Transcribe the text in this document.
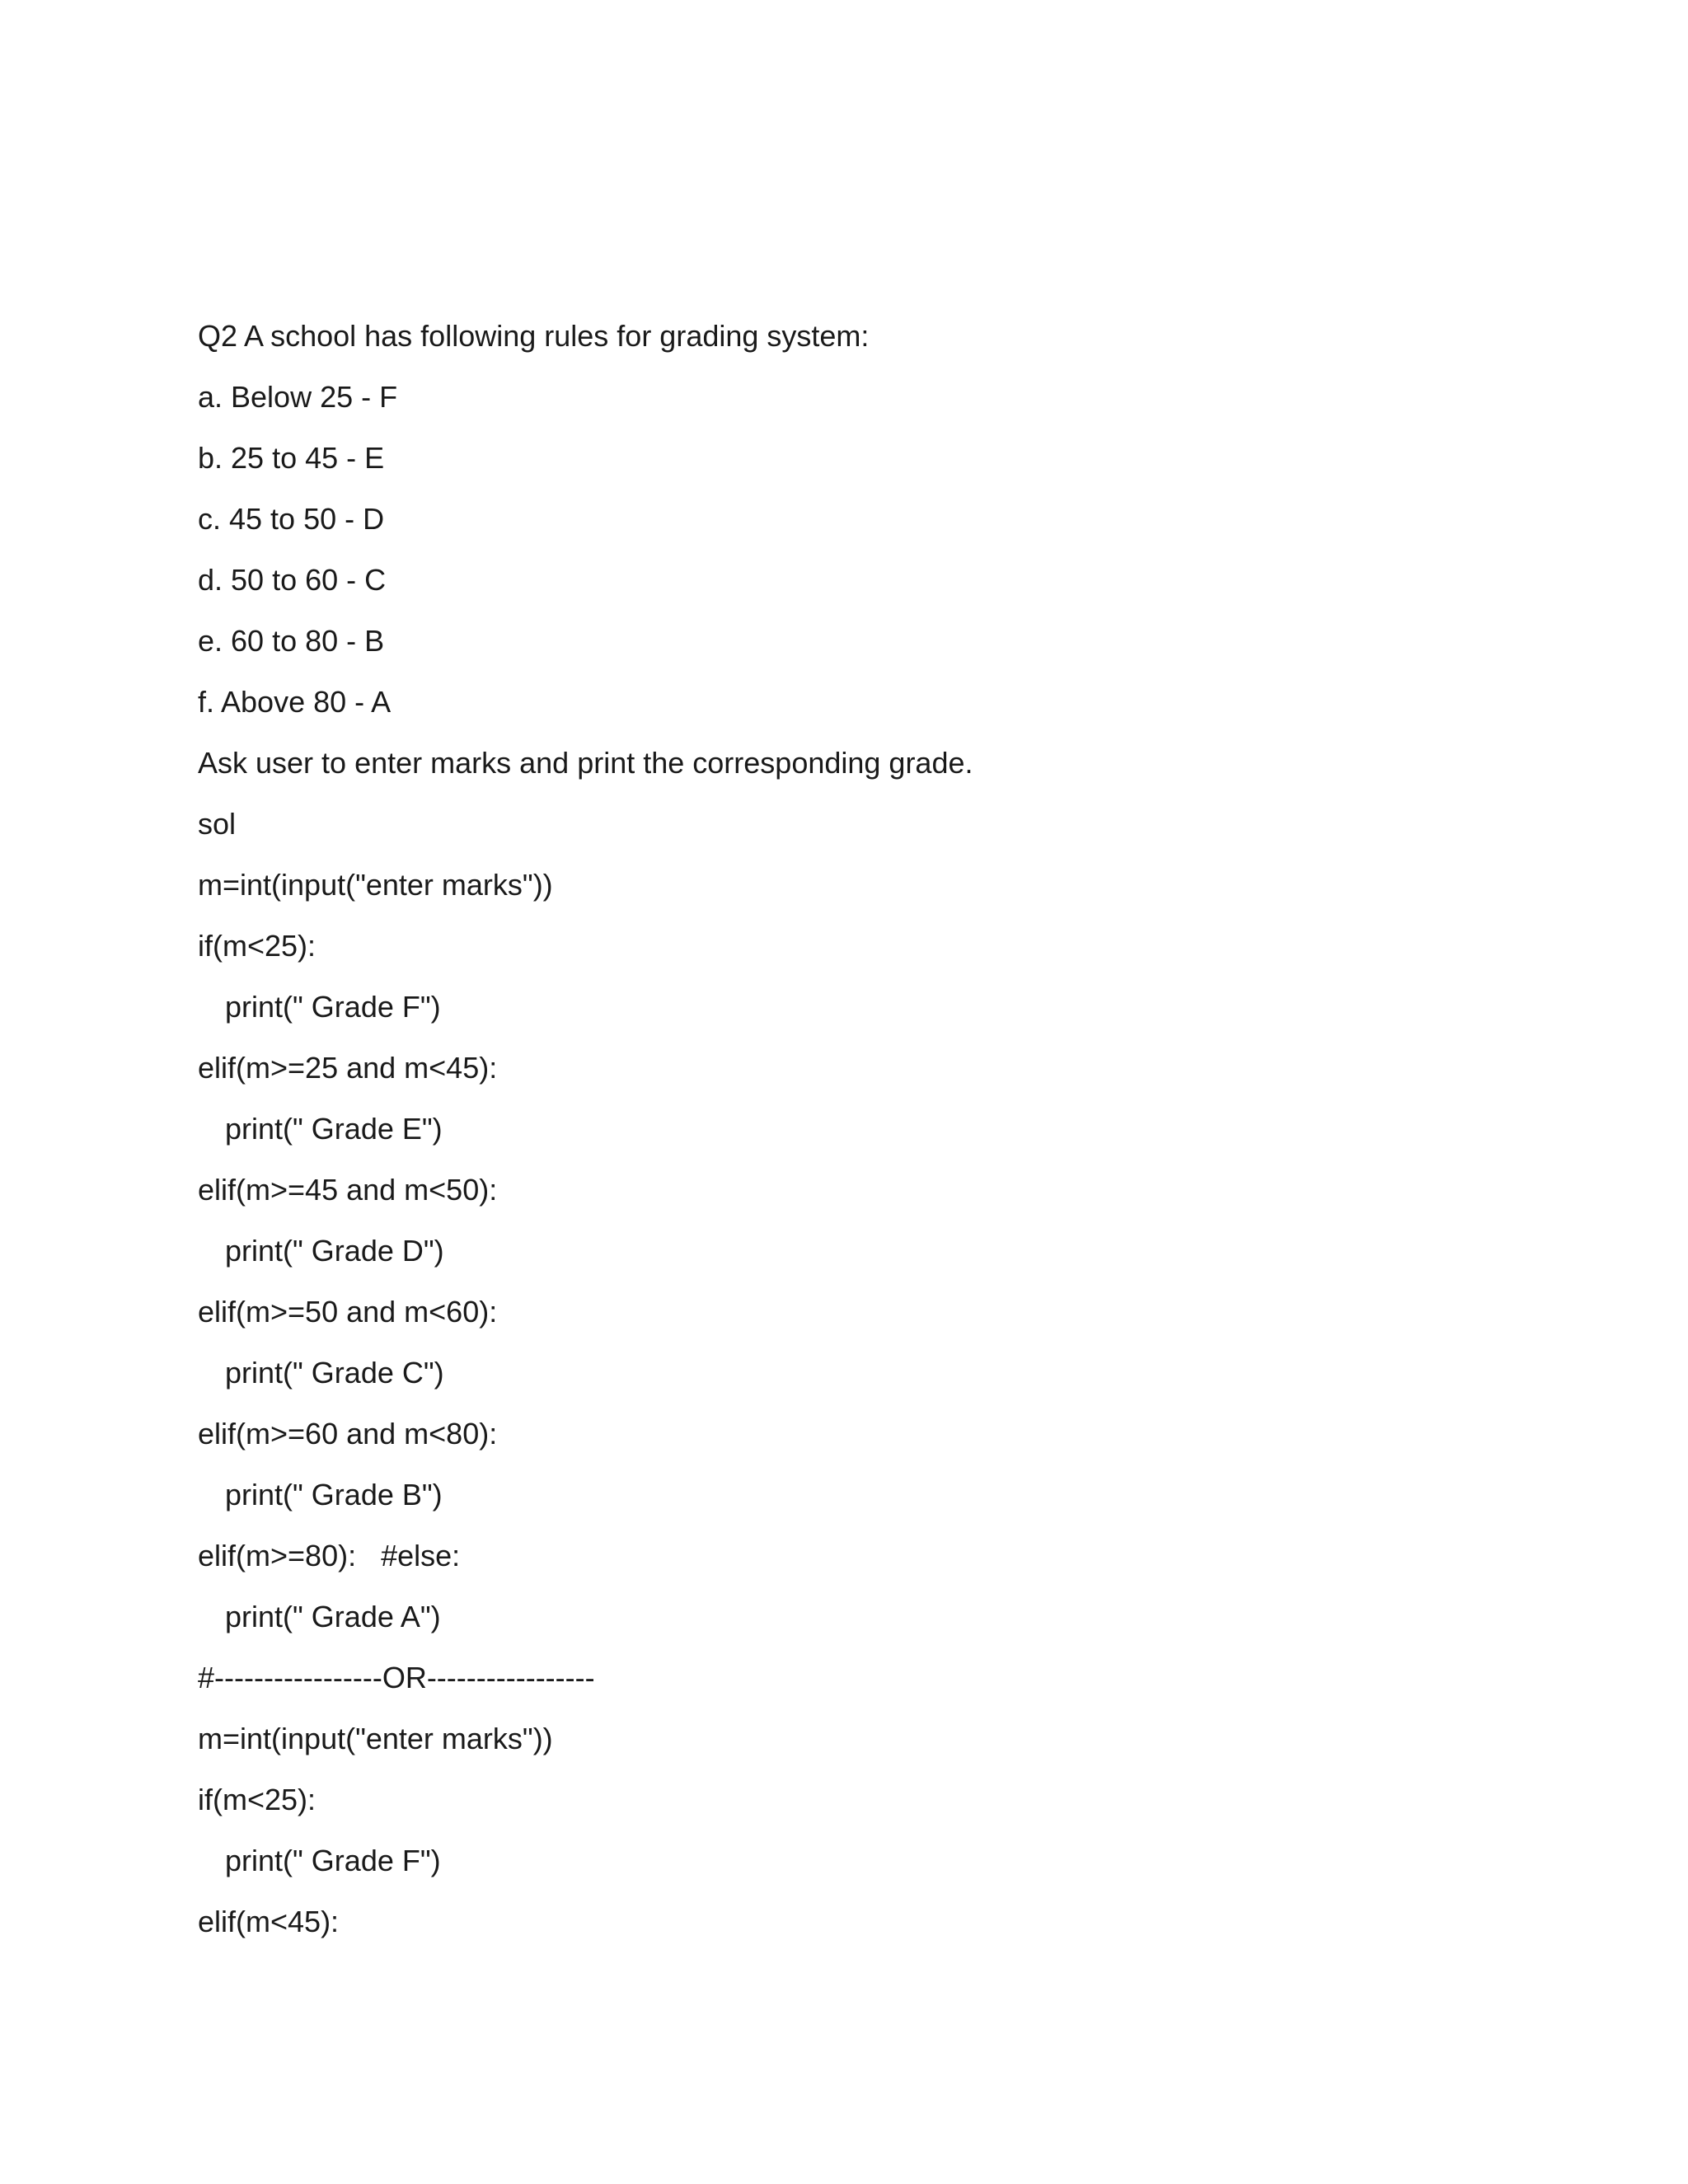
Q2 A school has following rules for grading system:
a. Below 25 - F
b. 25 to 45 - E
c. 45 to 50 - D
d. 50 to 60 - C
e. 60 to 80 - B
f. Above 80 - A
Ask user to enter marks and print the corresponding grade.
sol
m=int(input("enter marks"))
if(m<25):
print(" Grade F")
elif(m>=25 and m<45):
print(" Grade E")
elif(m>=45 and m<50):
print(" Grade D")
elif(m>=50 and m<60):
print(" Grade C")
elif(m>=60 and m<80):
print(" Grade B")
elif(m>=80):   #else:
print(" Grade A")
#-----------------OR-----------------
m=int(input("enter marks"))
if(m<25):
print(" Grade F")
elif(m<45):
